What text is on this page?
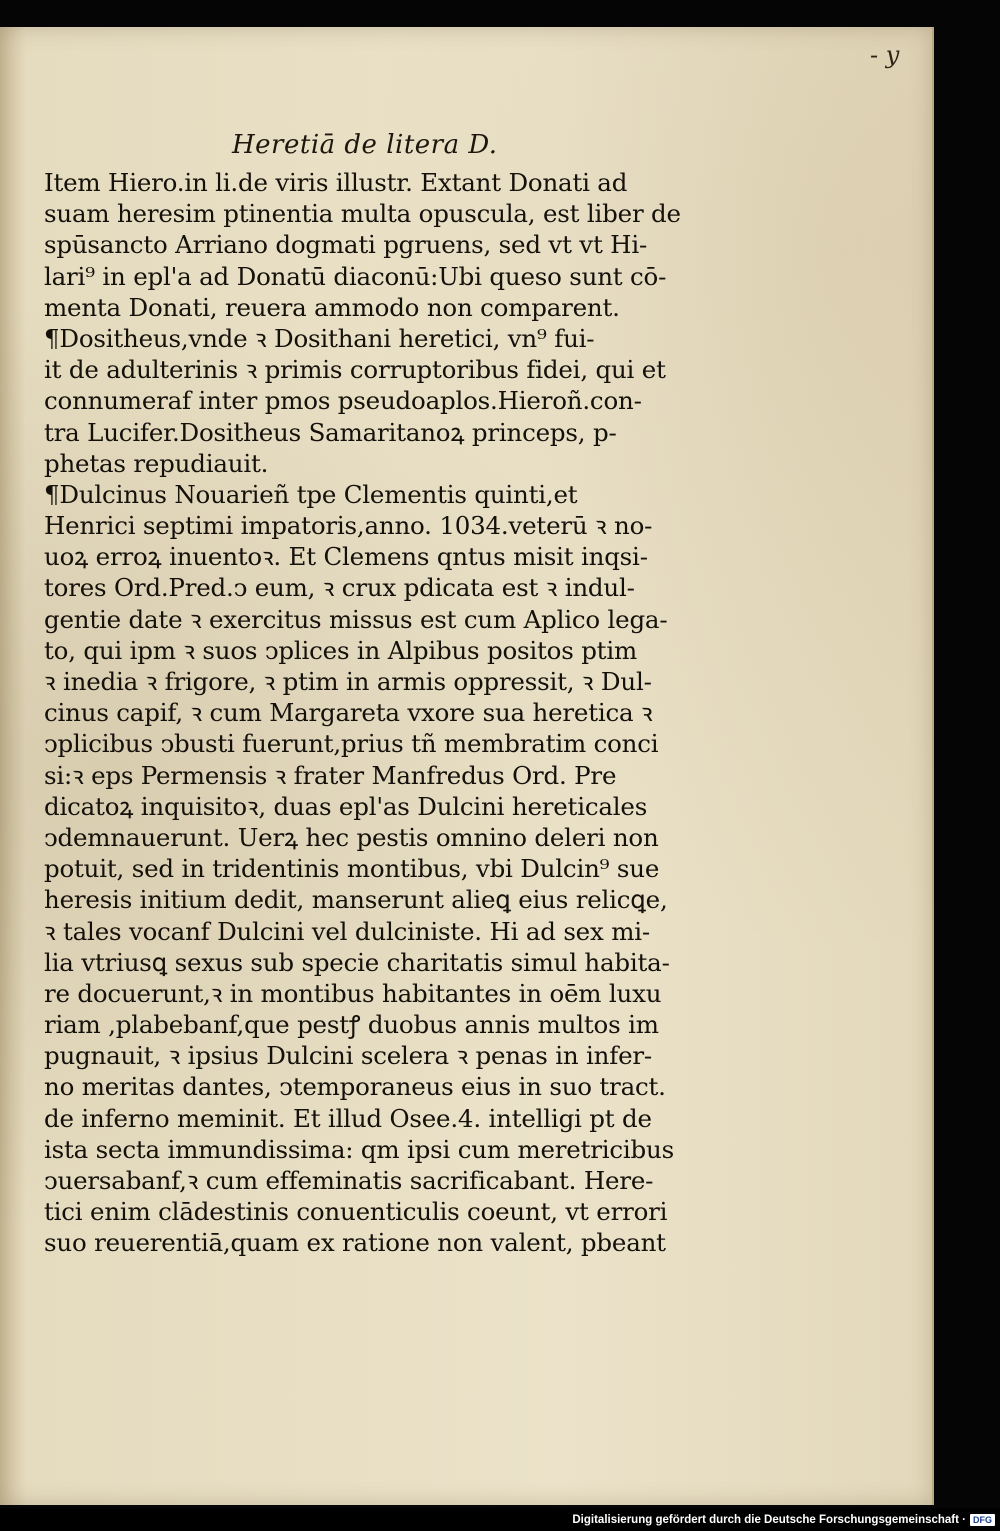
- y
Heretiā de litera D.
Item Hiero.in li.de viris illustr. Extant Donati ad
suam heresim ptinentia multa opuscula, est liber de
spūsancto Arriano dogmati pgruens, sed vt vt Hi-
lari⁹ in epl'a ad Donatū diaconū:Ubi queso sunt cō-
menta Donati, reuera ammodo non comparent.
¶Dositheus,vnde ꝛ Dosithani heretici, vn⁹ fui-
it de adulterinis ꝛ primis corruptoribus fidei, qui et
connumeraf inter pmos pseudoaplos.Hieroñ.con-
tra Lucifer.Dositheus Samaritanoꝝ princeps, p-
phetas repudiauit.
¶Dulcinus Nouarieñ tpe Clementis quinti,et
Henrici septimi impatoris,anno. 1034.veterū ꝛ no-
uoꝝ erroꝝ inuentoꝛ. Et Clemens qntus misit inqsi-
tores Ord.Pred.ↄ eum, ꝛ crux pdicata est ꝛ indul-
gentie date ꝛ exercitus missus est cum Aplico lega-
to, qui ipm ꝛ suos ↄplices in Alpibus positos ptim
ꝛ inedia ꝛ frigore, ꝛ ptim in armis oppressit, ꝛ Dul-
cinus capif, ꝛ cum Margareta vxore sua heretica ꝛ
ↄplicibus ↄbusti fuerunt,prius tñ membratim conci
si:ꝛ eps Permensis ꝛ frater Manfredus Ord. Pre
dicatoꝝ inquisitoꝛ, duas epl'as Dulcini hereticales
ↄdemnauerunt. Uerꝝ hec pestis omnino deleri non
potuit, sed in tridentinis montibus, vbi Dulcin⁹ sue
heresis initium dedit, manserunt alieꝗ eius relicꝗe,
ꝛ tales vocanf Dulcini vel dulciniste. Hi ad sex mi-
lia vtriusꝗ sexus sub specie charitatis simul habita-
re docuerunt,ꝛ in montibus habitantes in oēm luxu
riam ,plabebanf,que pestꝭ duobus annis multos im
pugnauit, ꝛ ipsius Dulcini scelera ꝛ penas in infer-
no meritas dantes, ↄtemporaneus eius in suo tract.
de inferno meminit. Et illud Osee.4. intelligi pt de
ista secta immundissima: qm ipsi cum meretricibus
ↄuersabanf,ꝛ cum effeminatis sacrificabant. Here-
tici enim clādestinis conuenticulis coeunt, vt errori
suo reuerentiā,quam ex ratione non valent, pbeant
Digitalisierung gefördert durch die Deutsche Forschungsgemeinschaft · DFG
